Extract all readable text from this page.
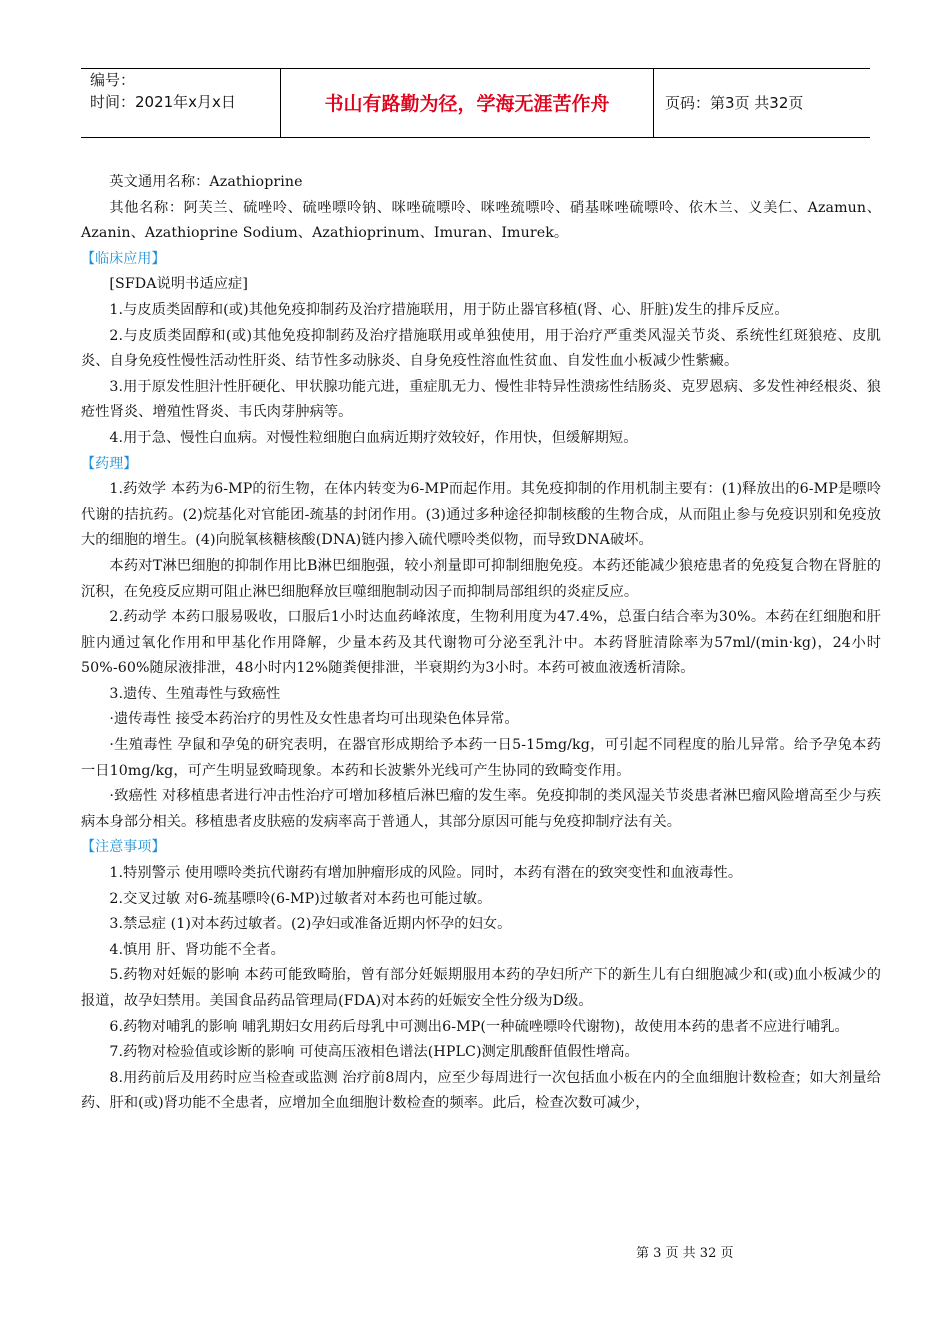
编号：
时间：2021年x月x日	书山有路勤为径，学海无涯苦作舟	页码：第3页 共32页

英文通用名称：Azathioprine

其他名称：阿芙兰、硫唑呤、硫唑嘌呤钠、咪唑硫嘌呤、咪唑巯嘌呤、硝基咪唑硫嘌呤、依木兰、义美仁、Azamun、Azanin、Azathioprine Sodium、Azathioprinum、Imuran、Imurek。

【临床应用】

[SFDA说明书适应症]

1.与皮质类固醇和(或)其他免疫抑制药及治疗措施联用，用于防止器官移植(肾、心、肝脏)发生的排斥反应。

2.与皮质类固醇和(或)其他免疫抑制药及治疗措施联用或单独使用，用于治疗严重类风湿关节炎、系统性红斑狼疮、皮肌炎、自身免疫性慢性活动性肝炎、结节性多动脉炎、自身免疫性溶血性贫血、自发性血小板减少性紫癜。

3.用于原发性胆汁性肝硬化、甲状腺功能亢进，重症肌无力、慢性非特异性溃疡性结肠炎、克罗恩病、多发性神经根炎、狼疮性肾炎、增殖性肾炎、韦氏肉芽肿病等。

4.用于急、慢性白血病。对慢性粒细胞白血病近期疗效较好，作用快，但缓解期短。

【药理】

1.药效学 本药为6-MP的衍生物，在体内转变为6-MP而起作用。其免疫抑制的作用机制主要有：(1)释放出的6-MP是嘌呤代谢的拮抗药。(2)烷基化对官能团-巯基的封闭作用。(3)通过多种途径抑制核酸的生物合成，从而阻止参与免疫识别和免疫放大的细胞的增生。(4)向脱氧核糖核酸(DNA)链内掺入硫代嘌呤类似物，而导致DNA破坏。

本药对T淋巴细胞的抑制作用比B淋巴细胞强，较小剂量即可抑制细胞免疫。本药还能减少狼疮患者的免疫复合物在肾脏的沉积，在免疫反应期可阻止淋巴细胞释放巨噬细胞制动因子而抑制局部组织的炎症反应。

2.药动学 本药口服易吸收，口服后1小时达血药峰浓度，生物利用度为47.4%，总蛋白结合率为30%。本药在红细胞和肝脏内通过氧化作用和甲基化作用降解，少量本药及其代谢物可分泌至乳汁中。本药肾脏清除率为57ml/(min·kg)，24小时50%-60%随尿液排泄，48小时内12%随粪便排泄，半衰期约为3小时。本药可被血液透析清除。

3.遗传、生殖毒性与致癌性

·遗传毒性 接受本药治疗的男性及女性患者均可出现染色体异常。

·生殖毒性 孕鼠和孕兔的研究表明，在器官形成期给予本药一日5-15mg/kg，可引起不同程度的胎儿异常。给予孕兔本药一日10mg/kg，可产生明显致畸现象。本药和长波紫外光线可产生协同的致畸变作用。

·致癌性 对移植患者进行冲击性治疗可增加移植后淋巴瘤的发生率。免疫抑制的类风湿关节炎患者淋巴瘤风险增高至少与疾病本身部分相关。移植患者皮肤癌的发病率高于普通人，其部分原因可能与免疫抑制疗法有关。

【注意事项】

1.特别警示 使用嘌呤类抗代谢药有增加肿瘤形成的风险。同时，本药有潜在的致突变性和血液毒性。

2.交叉过敏 对6-巯基嘌呤(6-MP)过敏者对本药也可能过敏。

3.禁忌症 (1)对本药过敏者。(2)孕妇或准备近期内怀孕的妇女。

4.慎用 肝、肾功能不全者。

5.药物对妊娠的影响 本药可能致畸胎，曾有部分妊娠期服用本药的孕妇所产下的新生儿有白细胞减少和(或)血小板减少的报道，故孕妇禁用。美国食品药品管理局(FDA)对本药的妊娠安全性分级为D级。

6.药物对哺乳的影响 哺乳期妇女用药后母乳中可测出6-MP(一种硫唑嘌呤代谢物)，故使用本药的患者不应进行哺乳。

7.药物对检验值或诊断的影响 可使高压液相色谱法(HPLC)测定肌酸酐值假性增高。

8.用药前后及用药时应当检查或监测 治疗前8周内，应至少每周进行一次包括血小板在内的全血细胞计数检查；如大剂量给药、肝和(或)肾功能不全患者，应增加全血细胞计数检查的频率。此后，检查次数可减少，

第 3 页 共 32 页
